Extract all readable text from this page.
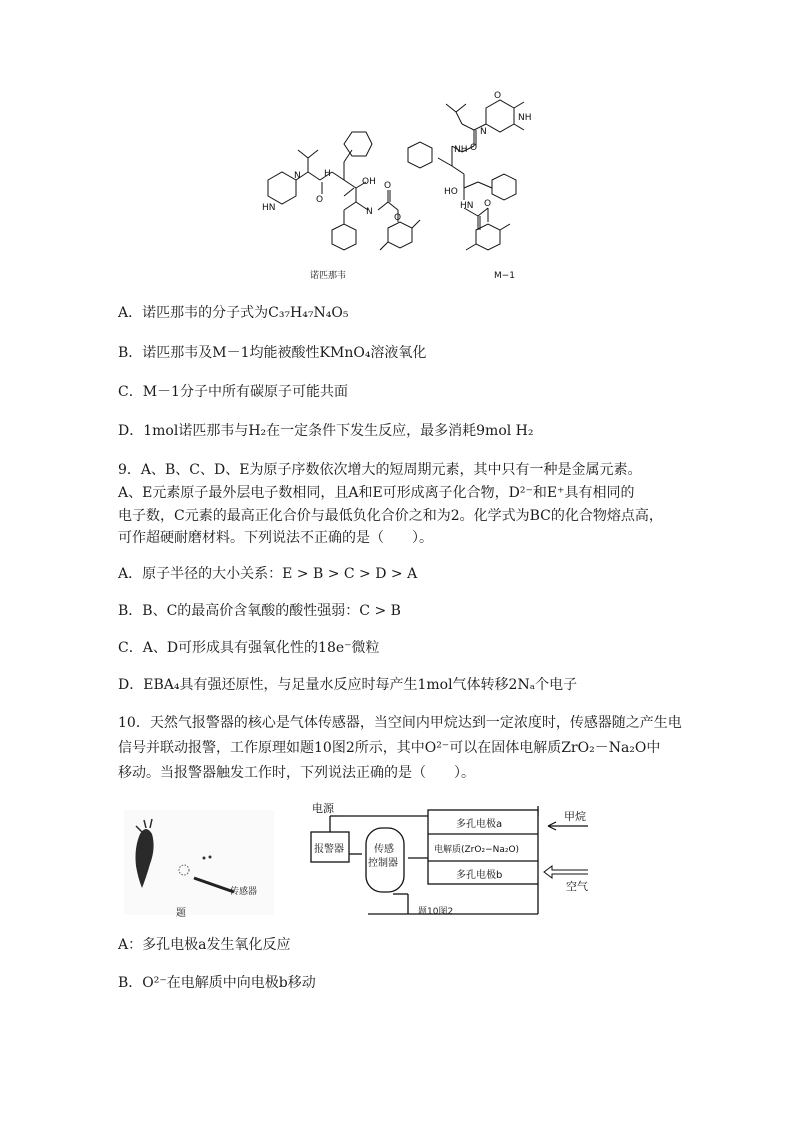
HN
N	H
O
OH
N
O
O
O
NH
N
NH O
HO
HN O
诺匹那韦	M−1
A．诺匹那韦的分子式为C₃₇H₄₇N₄O₅
B．诺匹那韦及M－1均能被酸性KMnO₄溶液氧化
C．M－1分子中所有碳原子可能共面
D．1mol诺匹那韦与H₂在一定条件下发生反应，最多消耗9mol H₂
9．A、B、C、D、E为原子序数依次增大的短周期元素，其中只有一种是金属元素。
A、E元素原子最外层电子数相同，且A和E可形成离子化合物，D²⁻和E⁺具有相同的
电子数，C元素的最高正化合价与最低负化合价之和为2。化学式为BC的化合物熔点高，
可作超硬耐磨材料。下列说法不正确的是（　　）。
A．原子半径的大小关系：E > B > C > D > A
B．B、C的最高价含氧酸的酸性强弱：C > B
C．A、D可形成具有强氧化性的18e⁻微粒
D．EBA₄具有强还原性，与足量水反应时每产生1mol气体转移2Nₐ个电子
10．天然气报警器的核心是气体传感器，当空间内甲烷达到一定浓度时，传感器随之产生电
信号并联动报警，工作原理如题10图2所示，其中O²⁻可以在固体电解质ZrO₂－Na₂O中
移动。当报警器触发工作时，下列说法正确的是（　　）。
传感器
题
电源
报警器	传感
控制器
多孔电极a
电解质(ZrO₂−Na₂O)
多孔电极b
甲烷
空气
题10图2
A：多孔电极a发生氧化反应
B．O²⁻在电解质中向电极b移动
